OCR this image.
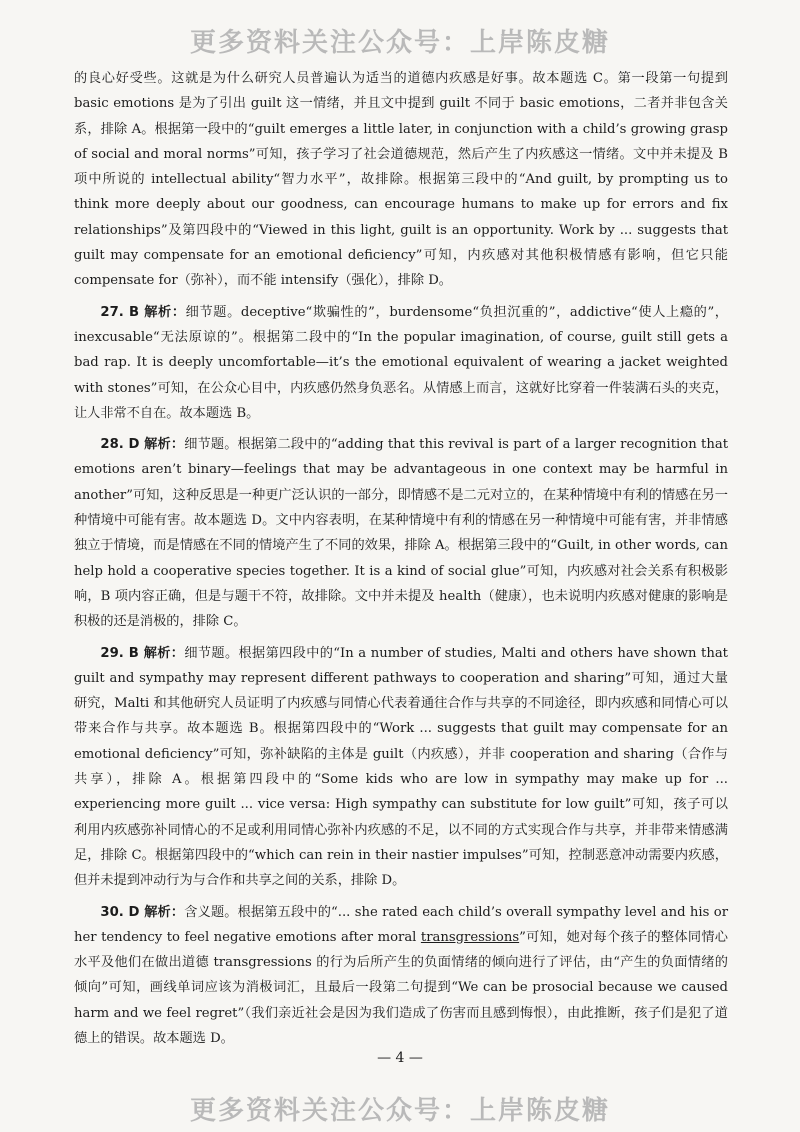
更多资料关注公众号：上岸陈皮糖

的良心好受些。这就是为什么研究人员普遍认为适当的道德内疚感是好事。故本题选 C。第一段第一句提到 basic emotions 是为了引出 guilt 这一情绪，并且文中提到 guilt 不同于 basic emotions，二者并非包含关系，排除 A。根据第一段中的“guilt emerges a little later, in conjunction with a child’s growing grasp of social and moral norms”可知，孩子学习了社会道德规范，然后产生了内疚感这一情绪。文中并未提及 B 项中所说的 intellectual ability“智力水平”，故排除。根据第三段中的“And guilt, by prompting us to think more deeply about our goodness, can encourage humans to make up for errors and fix relationships”及第四段中的“Viewed in this light, guilt is an opportunity. Work by ... suggests that guilt may compensate for an emotional deficiency”可知，内疚感对其他积极情感有影响，但它只能 compensate for（弥补），而不能 intensify（强化），排除 D。

27. B 解析：细节题。deceptive“欺骗性的”，burdensome“负担沉重的”，addictive“使人上瘾的”，inexcusable“无法原谅的”。根据第二段中的“In the popular imagination, of course, guilt still gets a bad rap. It is deeply uncomfortable—it’s the emotional equivalent of wearing a jacket weighted with stones”可知，在公众心目中，内疚感仍然身负恶名。从情感上而言，这就好比穿着一件装满石头的夹克，让人非常不自在。故本题选 B。

28. D 解析：细节题。根据第二段中的“adding that this revival is part of a larger recognition that emotions aren’t binary—feelings that may be advantageous in one context may be harmful in another”可知，这种反思是一种更广泛认识的一部分，即情感不是二元对立的，在某种情境中有利的情感在另一种情境中可能有害。故本题选 D。文中内容表明，在某种情境中有利的情感在另一种情境中可能有害，并非情感独立于情境，而是情感在不同的情境产生了不同的效果，排除 A。根据第三段中的“Guilt, in other words, can help hold a cooperative species together. It is a kind of social glue”可知，内疚感对社会关系有积极影响，B 项内容正确，但是与题干不符，故排除。文中并未提及 health（健康），也未说明内疚感对健康的影响是积极的还是消极的，排除 C。

29. B 解析：细节题。根据第四段中的“In a number of studies, Malti and others have shown that guilt and sympathy may represent different pathways to cooperation and sharing”可知，通过大量研究，Malti 和其他研究人员证明了内疚感与同情心代表着通往合作与共享的不同途径，即内疚感和同情心可以带来合作与共享。故本题选 B。根据第四段中的“Work ... suggests that guilt may compensate for an emotional deficiency”可知，弥补缺陷的主体是 guilt（内疚感），并非 cooperation and sharing（合作与共享），排除 A。根据第四段中的“Some kids who are low in sympathy may make up for ... experiencing more guilt ... vice versa: High sympathy can substitute for low guilt”可知，孩子可以利用内疚感弥补同情心的不足或利用同情心弥补内疚感的不足，以不同的方式实现合作与共享，并非带来情感满足，排除 C。根据第四段中的“which can rein in their nastier impulses”可知，控制恶意冲动需要内疚感，但并未提到冲动行为与合作和共享之间的关系，排除 D。

30. D 解析：含义题。根据第五段中的“... she rated each child’s overall sympathy level and his or her tendency to feel negative emotions after moral transgressions”可知，她对每个孩子的整体同情心水平及他们在做出道德 transgressions 的行为后所产生的负面情绪的倾向进行了评估，由“产生的负面情绪的倾向”可知，画线单词应该为消极词汇，且最后一段第二句提到“We can be prosocial because we caused harm and we feel regret”（我们亲近社会是因为我们造成了伤害而且感到悔恨），由此推断，孩子们是犯了道德上的错误。故本题选 D。

— 4 —
更多资料关注公众号：上岸陈皮糖
